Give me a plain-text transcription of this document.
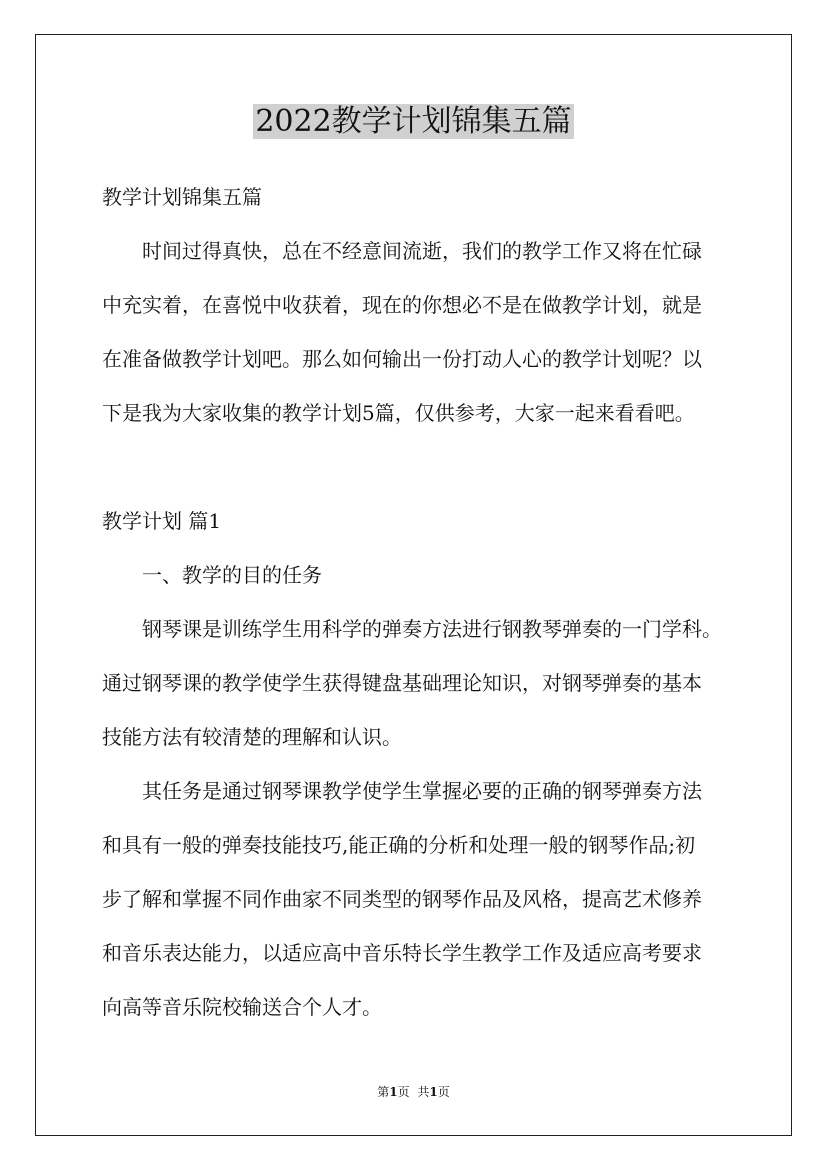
2022教学计划锦集五篇

教学计划锦集五篇

时间过得真快，总在不经意间流逝，我们的教学工作又将在忙碌

中充实着，在喜悦中收获着，现在的你想必不是在做教学计划，就是

在准备做教学计划吧。那么如何输出一份打动人心的教学计划呢？以

下是我为大家收集的教学计划5篇，仅供参考，大家一起来看看吧。

教学计划 篇1

一、教学的目的任务

钢琴课是训练学生用科学的弹奏方法进行钢教琴弹奏的一门学科。

通过钢琴课的教学使学生获得键盘基础理论知识，对钢琴弹奏的基本

技能方法有较清楚的理解和认识。

其任务是通过钢琴课教学使学生掌握必要的正确的钢琴弹奏方法

和具有一般的弹奏技能技巧,能正确的分析和处理一般的钢琴作品;初

步了解和掌握不同作曲家不同类型的钢琴作品及风格，提高艺术修养

和音乐表达能力，以适应高中音乐特长学生教学工作及适应高考要求

向高等音乐院校输送合个人才。

第1页 共1页
